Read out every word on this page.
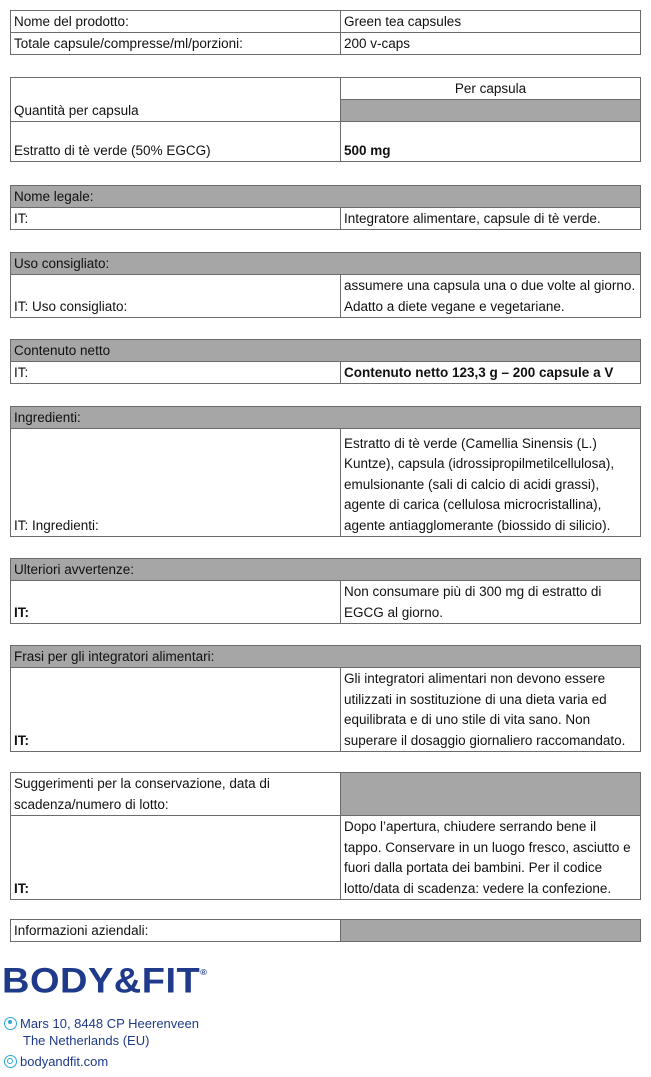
Nome del prodotto:	Green tea capsules
Totale capsule/compresse/ml/porzioni:	200 v-caps
Quantità per capsula	Per capsula

Estratto di tè verde (50% EGCG)	500 mg
Nome legale:
IT:	Integratore alimentare, capsule di tè verde.
Uso consigliato:
IT: Uso consigliato:	assumere una capsula una o due volte al giorno. Adatto a diete vegane e vegetariane.
Contenuto netto
IT:	Contenuto netto 123,3 g – 200 capsule a V
Ingredienti:
IT: Ingredienti:	Estratto di tè verde (Camellia Sinensis (L.) Kuntze), capsula (idrossipropilmetilcellulosa), emulsionante (sali di calcio di acidi grassi), agente di carica (cellulosa microcristallina), agente antiagglomerante (biossido di silicio).
Ulteriori avvertenze:
IT:	Non consumare più di 300 mg di estratto di EGCG al giorno.
Frasi per gli integratori alimentari:
IT:	Gli integratori alimentari non devono essere utilizzati in sostituzione di una dieta varia ed equilibrata e di uno stile di vita sano. Non superare il dosaggio giornaliero raccomandato.
Suggerimenti per la conservazione, data di scadenza/numero di lotto:	
IT:	Dopo l’apertura, chiudere serrando bene il tappo. Conservare in un luogo fresco, asciutto e fuori dalla portata dei bambini. Per il codice lotto/data di scadenza: vedere la confezione.
Informazioni aziendali:	
BODY&FIT®
Mars 10, 8448 CP Heerenveen
The Netherlands (EU)
bodyandfit.com
